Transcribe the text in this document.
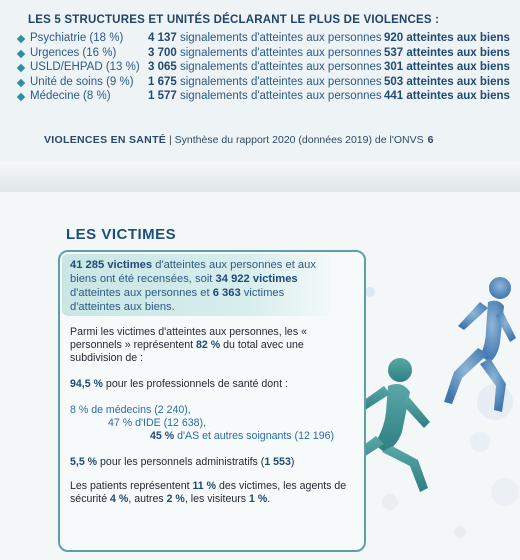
LES 5 STRUCTURES ET UNITÉS DÉCLARANT LE PLUS DE VIOLENCES :
Psychiatrie (18 %) 4 137 signalements d'atteintes aux personnes 920 atteintes aux biens
Urgences (16 %)	3 700 signalements d'atteintes aux personnes 537 atteintes aux biens
USLD/EHPAD (13 %) 3 065 signalements d'atteintes aux personnes 301 atteintes aux biens
Unité de soins (9 %) 1 675 signalements d'atteintes aux personnes 503 atteintes aux biens
Médecine (8 %)	1 577 signalements d'atteintes aux personnes 441 atteintes aux biens
VIOLENCES EN SANTÉ | Synthèse du rapport 2020 (données 2019) de l'ONVS 6
LES VICTIMES
41 285 victimes d'atteintes aux personnes et aux biens ont été recensées, soit 34 922 victimes d'atteintes aux personnes et 6 363 victimes d'atteintes aux biens.
Parmi les victimes d'atteintes aux personnes, les « personnels » représentent 82 % du total avec une subdivision de :
94,5 % pour les professionnels de santé dont :
8 % de médecins (2 240),
47 % d'IDE (12 638),
45 % d'AS et autres soignants (12 196)
5,5 % pour les personnels administratifs (1 553)
Les patients représentent 11 % des victimes, les agents de sécurité 4 %, autres 2 %, les visiteurs 1 %.
